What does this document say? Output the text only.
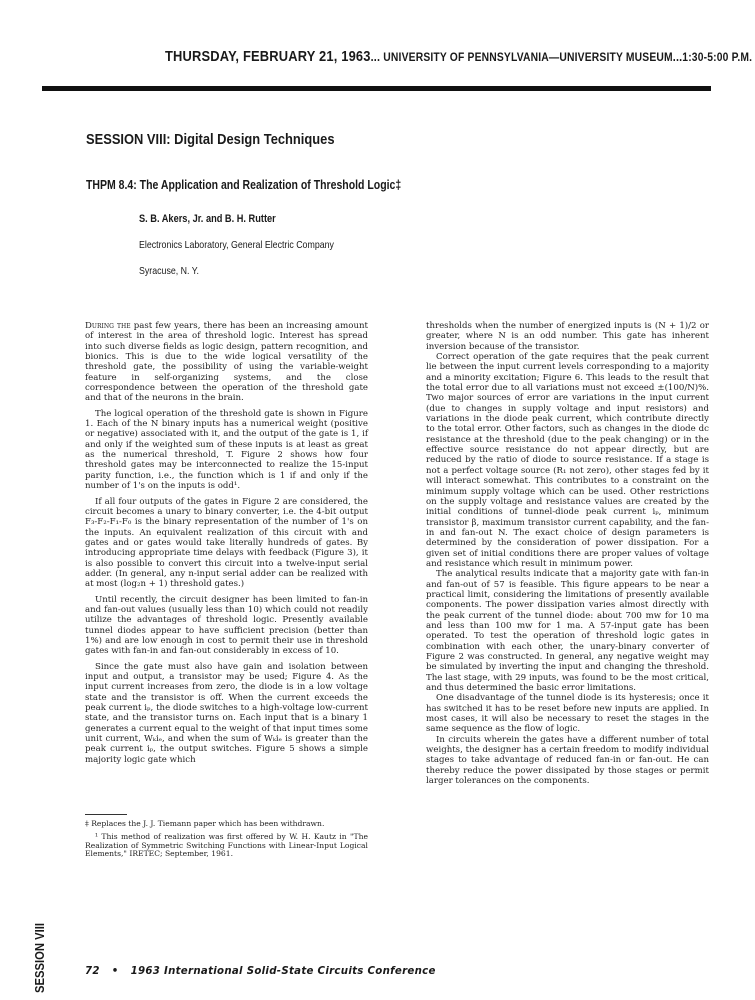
THURSDAY, FEBRUARY 21, 1963... UNIVERSITY OF PENNSYLVANIA—UNIVERSITY MUSEUM...1:30-5:00 P.M.
SESSION VIII: Digital Design Techniques
THPM 8.4: The Application and Realization of Threshold Logic‡
S. B. Akers, Jr. and B. H. Rutter
Electronics Laboratory, General Electric Company
Syracuse, N. Y.

During the past few years, there has been an increasing amount of interest in the area of threshold logic. Interest has spread into such diverse fields as logic design, pattern recognition, and bionics. This is due to the wide logical versatility of the threshold gate, the possibility of using the variable-weight feature in self-organizing systems, and the close correspondence between the operation of the threshold gate and that of the neurons in the brain.

The logical operation of the threshold gate is shown in Figure 1. Each of the N binary inputs has a numerical weight (positive or negative) associated with it, and the output of the gate is 1, if and only if the weighted sum of these inputs is at least as great as the numerical threshold, T. Figure 2 shows how four threshold gates may be interconnected to realize the 15-input parity function, i.e., the function which is 1 if and only if the number of 1's on the inputs is odd¹.

If all four outputs of the gates in Figure 2 are considered, the circuit becomes a unary to binary converter, i.e. the 4-bit output F₃-F₂-F₁-F₀ is the binary representation of the number of 1's on the inputs. An equivalent realization of this circuit with and gates and or gates would take literally hundreds of gates. By introducing appropriate time delays with feedback (Figure 3), it is also possible to convert this circuit into a twelve-input serial adder. (In general, any n-input serial adder can be realized with at most (log₂n + 1) threshold gates.)

Until recently, the circuit designer has been limited to fan-in and fan-out values (usually less than 10) which could not readily utilize the advantages of threshold logic. Presently available tunnel diodes appear to have sufficient precision (better than 1%) and are low enough in cost to permit their use in threshold gates with fan-in and fan-out considerably in excess of 10.

Since the gate must also have gain and isolation between input and output, a transistor may be used; Figure 4. As the input current increases from zero, the diode is in a low voltage state and the transistor is off. When the current exceeds the peak current iₚ, the diode switches to a high-voltage low-current state, and the transistor turns on. Each input that is a binary 1 generates a current equal to the weight of that input times some unit current, Wₖiₑ, and when the sum of Wₖiₑ is greater than the peak current iₚ, the output switches. Figure 5 shows a simple majority logic gate which

‡ Replaces the J. J. Tiemann paper which has been withdrawn.

¹ This method of realization was first offered by W. H. Kautz in "The Realization of Symmetric Switching Functions with Linear-Input Logical Elements," IRETEC; September, 1961.

thresholds when the number of energized inputs is (N + 1)/2 or greater, where N is an odd number. This gate has inherent inversion because of the transistor.

Correct operation of the gate requires that the peak current lie between the input current levels corresponding to a majority and a minority excitation; Figure 6. This leads to the result that the total error due to all variations must not exceed ±(100/N)%. Two major sources of error are variations in the input current (due to changes in supply voltage and input resistors) and variations in the diode peak current, which contribute directly to the total error. Other factors, such as changes in the diode dc resistance at the threshold (due to the peak changing) or in the effective source resistance do not appear directly, but are reduced by the ratio of diode to source resistance. If a stage is not a perfect voltage source (R₁ not zero), other stages fed by it will interact somewhat. This contributes to a constraint on the minimum supply voltage which can be used. Other restrictions on the supply voltage and resistance values are created by the initial conditions of tunnel-diode peak current iₚ, minimum transistor β, maximum transistor current capability, and the fan-in and fan-out N. The exact choice of design parameters is determined by the consideration of power dissipation. For a given set of initial conditions there are proper values of voltage and resistance which result in minimum power.

The analytical results indicate that a majority gate with fan-in and fan-out of 57 is feasible. This figure appears to be near a practical limit, considering the limitations of presently available components. The power dissipation varies almost directly with the peak current of the tunnel diode: about 700 mw for 10 ma and less than 100 mw for 1 ma. A 57-input gate has been operated. To test the operation of threshold logic gates in combination with each other, the unary-binary converter of Figure 2 was constructed. In general, any negative weight may be simulated by inverting the input and changing the threshold. The last stage, with 29 inputs, was found to be the most critical, and thus determined the basic error limitations.

One disadvantage of the tunnel diode is its hysteresis; once it has switched it has to be reset before new inputs are applied. In most cases, it will also be necessary to reset the stages in the same sequence as the flow of logic.

In circuits wherein the gates have a different number of total weights, the designer has a certain freedom to modify individual stages to take advantage of reduced fan-in or fan-out. He can thereby reduce the power dissipated by those stages or permit larger tolerances on the components.

72 • 1963 International Solid-State Circuits Conference
SESSION VIII
